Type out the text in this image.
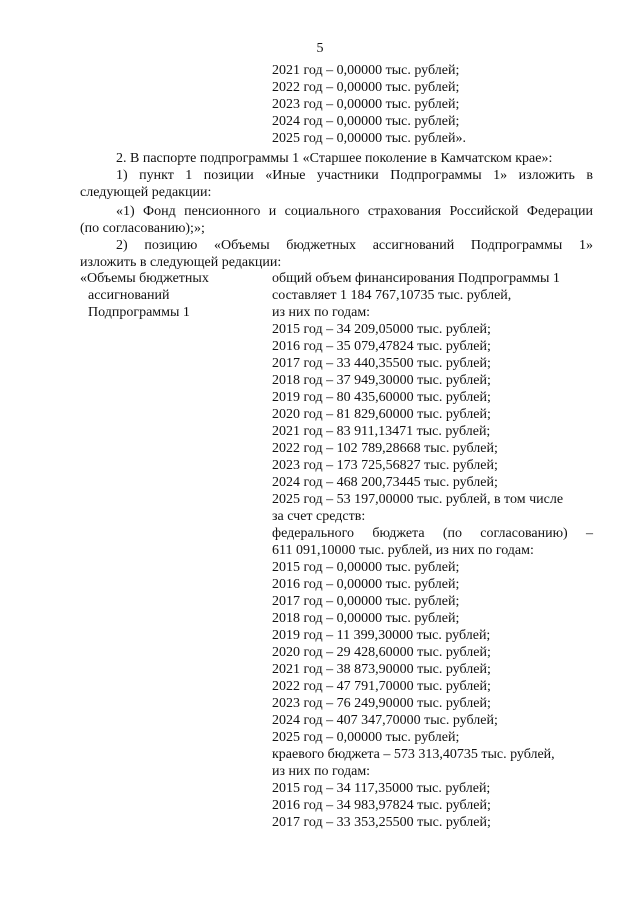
5
2021 год – 0,00000 тыс. рублей;
2022 год – 0,00000 тыс. рублей;
2023 год – 0,00000 тыс. рублей;
2024 год – 0,00000 тыс. рублей;
2025 год – 0,00000 тыс. рублей».
2. В паспорте подпрограммы 1 «Старшее поколение в Камчатском крае»:
1) пункт 1 позиции «Иные участники Подпрограммы 1» изложить в
следующей редакции:
«1) Фонд пенсионного и социального страхования Российской Федерации
(по согласованию);»;
2) позицию «Объемы бюджетных ассигнований Подпрограммы 1»
изложить в следующей редакции:
«Объемы бюджетных
ассигнований
Подпрограммы 1
общий объем финансирования Подпрограммы 1
составляет 1 184 767,10735 тыс. рублей,
из них по годам:
2015 год – 34 209,05000 тыс. рублей;
2016 год – 35 079,47824 тыс. рублей;
2017 год – 33 440,35500 тыс. рублей;
2018 год – 37 949,30000 тыс. рублей;
2019 год – 80 435,60000 тыс. рублей;
2020 год – 81 829,60000 тыс. рублей;
2021 год – 83 911,13471 тыс. рублей;
2022 год – 102 789,28668 тыс. рублей;
2023 год – 173 725,56827 тыс. рублей;
2024 год – 468 200,73445 тыс. рублей;
2025 год – 53 197,00000 тыс. рублей, в том числе
за счет средств:
федерального бюджета (по согласованию) –
611 091,10000 тыс. рублей, из них по годам:
2015 год – 0,00000 тыс. рублей;
2016 год – 0,00000 тыс. рублей;
2017 год – 0,00000 тыс. рублей;
2018 год – 0,00000 тыс. рублей;
2019 год – 11 399,30000 тыс. рублей;
2020 год – 29 428,60000 тыс. рублей;
2021 год – 38 873,90000 тыс. рублей;
2022 год – 47 791,70000 тыс. рублей;
2023 год – 76 249,90000 тыс. рублей;
2024 год – 407 347,70000 тыс. рублей;
2025 год – 0,00000 тыс. рублей;
краевого бюджета – 573 313,40735 тыс. рублей,
из них по годам:
2015 год – 34 117,35000 тыс. рублей;
2016 год – 34 983,97824 тыс. рублей;
2017 год – 33 353,25500 тыс. рублей;
